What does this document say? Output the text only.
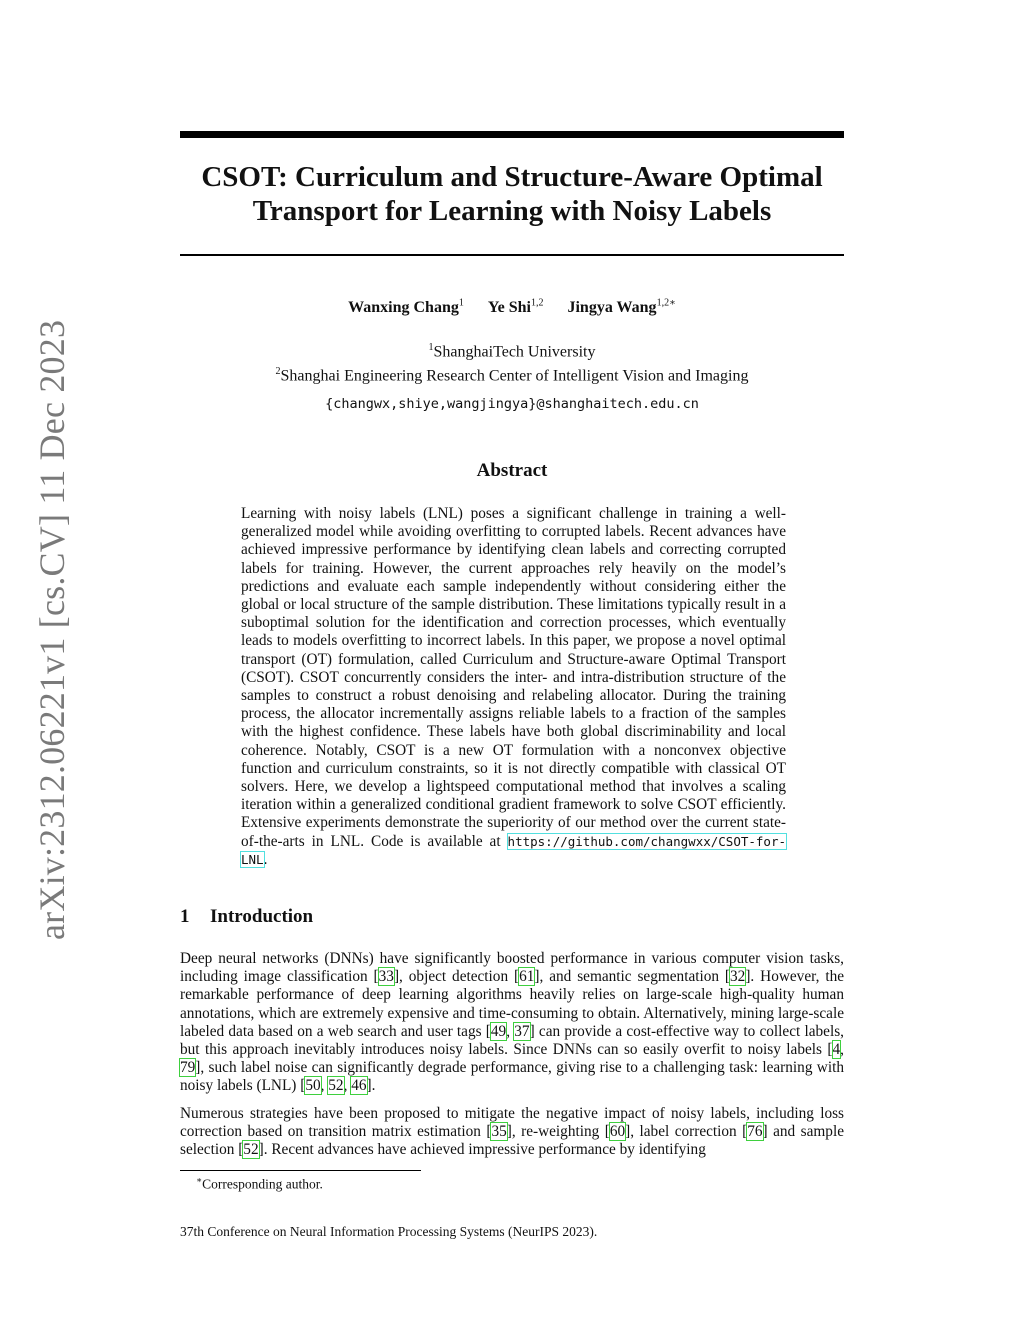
arXiv:2312.06221v1 [cs.CV] 11 Dec 2023
CSOT: Curriculum and Structure-Aware Optimal
Transport for Learning with Noisy Labels
Wanxing Chang$^1$ Ye Shi$^{1,2}$ Jingya Wang$^{1,2∗}$
$^1$ShanghaiTech University
$^2$Shanghai Engineering Research Center of Intelligent Vision and Imaging
{changwx,shiye,wangjingya}@shanghaitech.edu.cn
Abstract

Learning with noisy labels (LNL) poses a significant challenge in training a well-generalized model while avoiding overfitting to corrupted labels. Recent advances have achieved impressive performance by identifying clean labels and correcting corrupted labels for training. However, the current approaches rely heavily on the model’s predictions and evaluate each sample independently without considering either the global or local structure of the sample distribution. These limitations typically result in a suboptimal solution for the identification and correction processes, which eventually leads to models overfitting to incorrect labels. In this paper, we propose a novel optimal transport (OT) formulation, called Curriculum and Structure-aware Optimal Transport (CSOT). CSOT concurrently considers the inter- and intra-distribution structure of the samples to construct a robust denoising and relabeling allocator. During the training process, the allocator incrementally assigns reliable labels to a fraction of the samples with the highest confidence. These labels have both global discriminability and local coherence. Notably, CSOT is a new OT formulation with a nonconvex objective function and curriculum constraints, so it is not directly compatible with classical OT solvers. Here, we develop a lightspeed computational method that involves a scaling iteration within a generalized conditional gradient framework to solve CSOT efficiently. Extensive experiments demonstrate the superiority of our method over the current state-of-the-arts in LNL. Code is available at https://github.com/changwxx/CSOT-for-LNL.

1 Introduction

Deep neural networks (DNNs) have significantly boosted performance in various computer vision tasks, including image classification [33], object detection [61], and semantic segmentation [32]. However, the remarkable performance of deep learning algorithms heavily relies on large-scale high-quality human annotations, which are extremely expensive and time-consuming to obtain. Alternatively, mining large-scale labeled data based on a web search and user tags [49, 37] can provide a cost-effective way to collect labels, but this approach inevitably introduces noisy labels. Since DNNs can so easily overfit to noisy labels [4, 79], such label noise can significantly degrade performance, giving rise to a challenging task: learning with noisy labels (LNL) [50, 52, 46].

Numerous strategies have been proposed to mitigate the negative impact of noisy labels, including loss correction based on transition matrix estimation [35], re-weighting [60], label correction [76] and sample selection [52]. Recent advances have achieved impressive performance by identifying

∗Corresponding author.
37th Conference on Neural Information Processing Systems (NeurIPS 2023).
